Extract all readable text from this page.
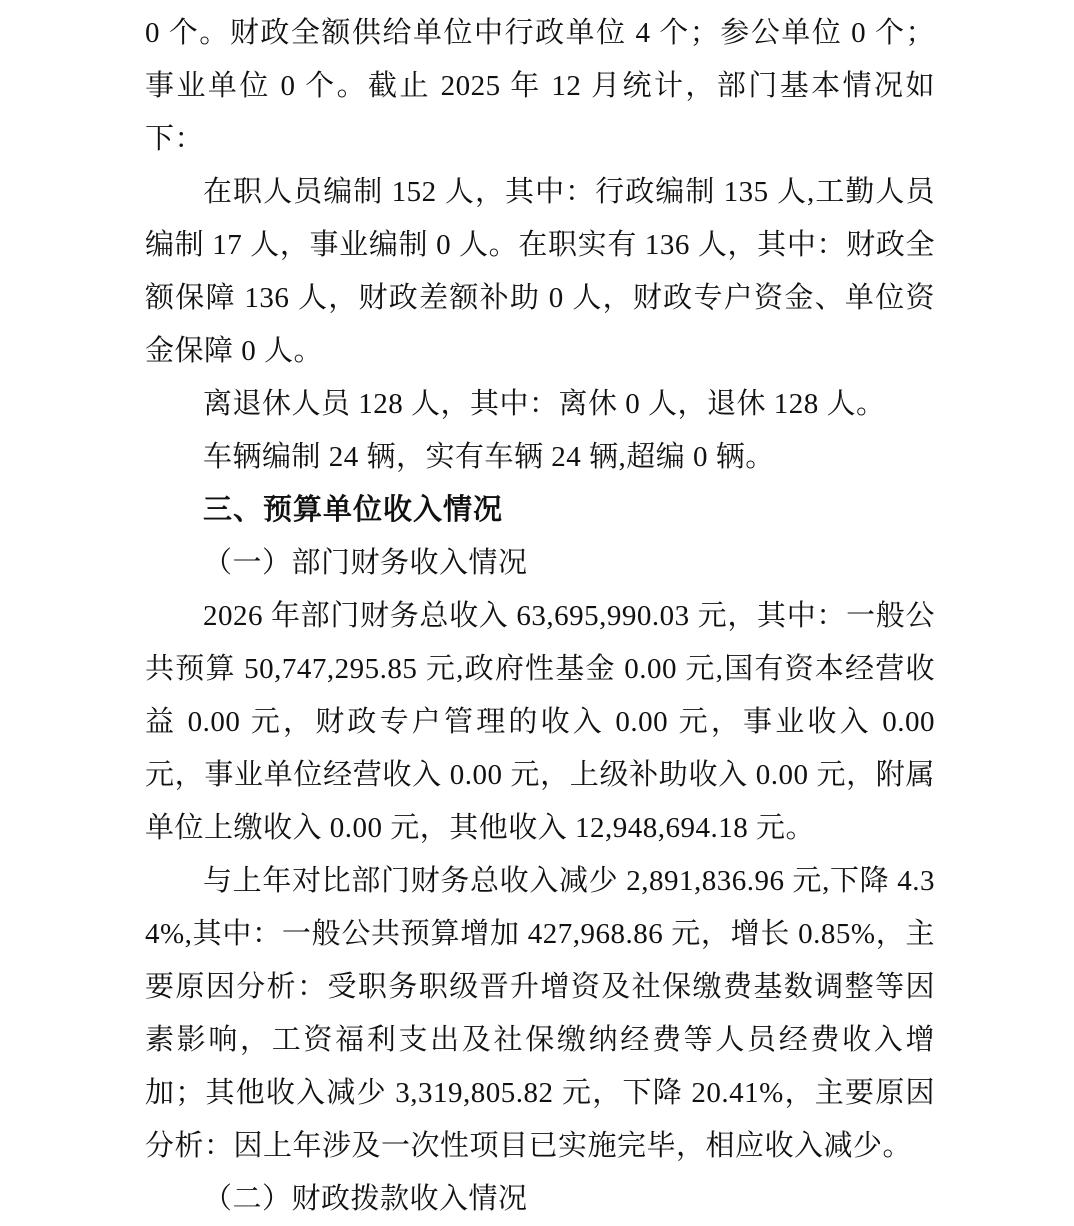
0 个。财政全额供给单位中行政单位 4 个；参公单位 0 个；事业单位 0 个。截止 2025 年 12 月统计，部门基本情况如下：

在职人员编制 152 人，其中：行政编制 135 人,工勤人员编制 17 人，事业编制 0 人。在职实有 136 人，其中：财政全额保障 136 人，财政差额补助 0 人，财政专户资金、单位资金保障 0 人。

离退休人员 128 人，其中：离休 0 人，退休 128 人。

车辆编制 24 辆，实有车辆 24 辆,超编 0 辆。

三、预算单位收入情况

（一）部门财务收入情况

2026 年部门财务总收入 63,695,990.03 元，其中：一般公共预算 50,747,295.85 元,政府性基金 0.00 元,国有资本经营收益 0.00 元，财政专户管理的收入 0.00 元，事业收入 0.00 元，事业单位经营收入 0.00 元，上级补助收入 0.00 元，附属单位上缴收入 0.00 元，其他收入 12,948,694.18 元。

与上年对比部门财务总收入减少 2,891,836.96 元,下降 4.34%,其中：一般公共预算增加 427,968.86 元，增长 0.85%，主要原因分析：受职务职级晋升增资及社保缴费基数调整等因素影响，工资福利支出及社保缴纳经费等人员经费收入增加；其他收入减少 3,319,805.82 元，下降 20.41%，主要原因分析：因上年涉及一次性项目已实施完毕，相应收入减少。

（二）财政拨款收入情况
